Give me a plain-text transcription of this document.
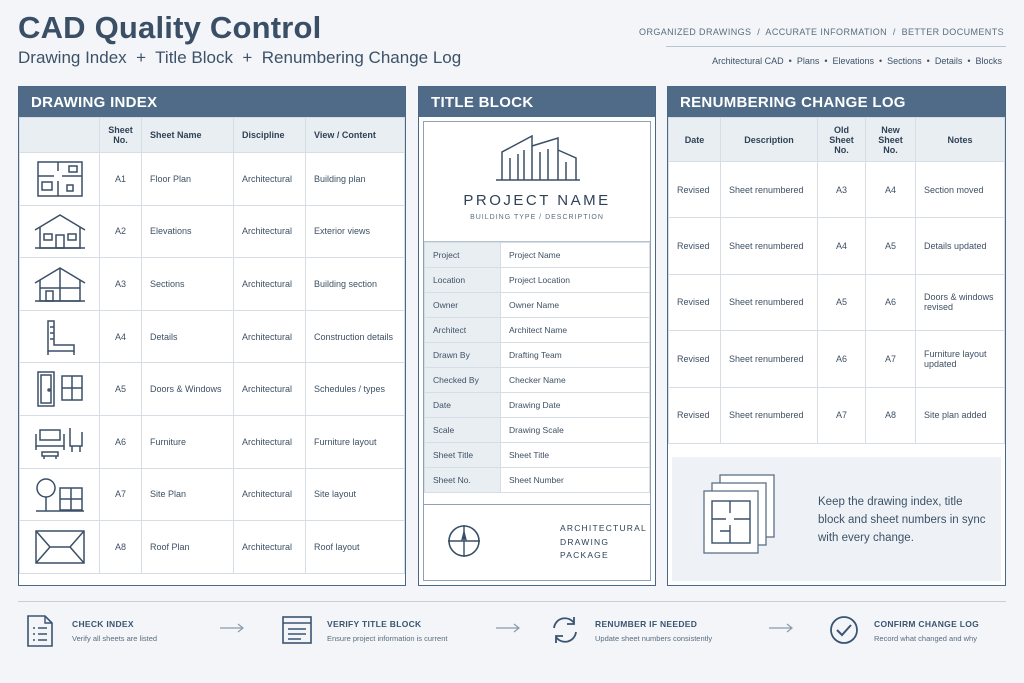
CAD Quality Control
Drawing Index  +  Title Block  +  Renumbering Change Log
ORGANIZED DRAWINGS  /  ACCURATE INFORMATION  /  BETTER DOCUMENTS
Architectural CAD  •  Plans  •  Elevations  •  Sections  •  Details  •  Blocks
DRAWING INDEX
	Sheet No.	Sheet Name	Discipline	View / Content

	A1	Floor Plan	Architectural	Building plan

	A2	Elevations	Architectural	Exterior views

	A3	Sections	Architectural	Building section

	A4	Details	Architectural	Construction details

	A5	Doors & Windows	Architectural	Schedules / types

	A6	Furniture	Architectural	Furniture layout

	A7	Site Plan	Architectural	Site layout

	A8	Roof Plan	Architectural	Roof layout
TITLE BLOCK
PROJECT NAME
BUILDING TYPE / DESCRIPTION
Project	Project Name
Location	Project Location
Owner	Owner Name
Architect	Architect Name
Drawn By	Drafting Team
Checked By	Checker Name
Date	Drawing Date
Scale	Drawing Scale
Sheet Title	Sheet Title
Sheet No.	Sheet Number
ARCHITECTURAL
DRAWING
PACKAGE
RENUMBERING CHANGE LOG
Date	Description	Old Sheet No.	New Sheet No.	Notes
Revised	Sheet renumbered	A3	A4	Section moved
Revised	Sheet renumbered	A4	A5	Details updated
Revised	Sheet renumbered	A5	A6	Doors & windows revised
Revised	Sheet renumbered	A6	A7	Furniture layout updated
Revised	Sheet renumbered	A7	A8	Site plan added
Keep the drawing index, title block and sheet numbers in sync with every change.
CHECK INDEX
Verify all sheets are listed
VERIFY TITLE BLOCK
Ensure project information is current
RENUMBER IF NEEDED
Update sheet numbers consistently
CONFIRM CHANGE LOG
Record what changed and why
